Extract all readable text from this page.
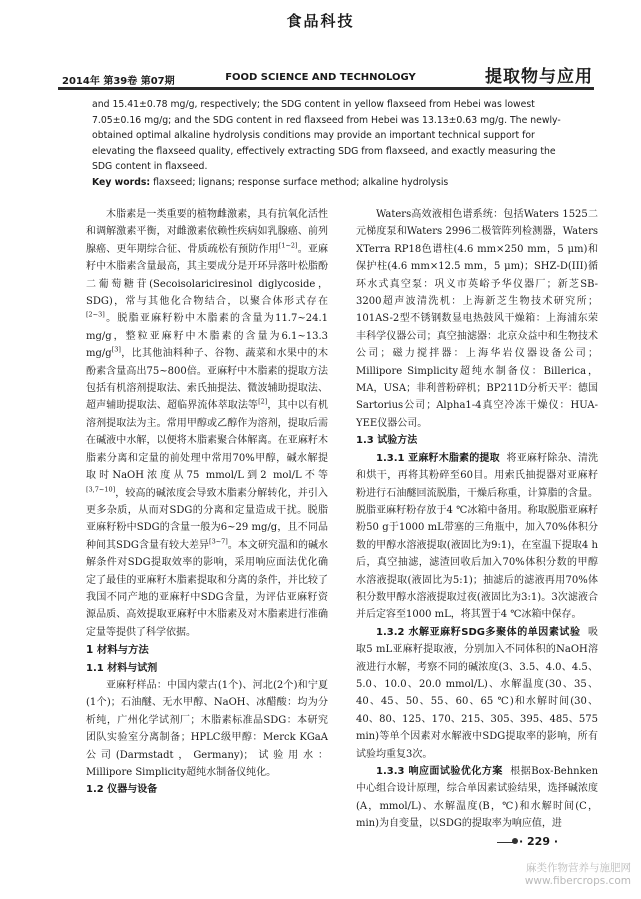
食品科技
2014年 第39卷 第07期	FOOD SCIENCE AND TECHNOLOGY	提取物与应用
and 15.41±0.78 mg/g, respectively; the SDG content in yellow flaxseed from Hebei was lowest 7.05±0.16 mg/g; and the SDG content in red flaxseed from Hebei was 13.13±0.63 mg/g. The newly-obtained optimal alkaline hydrolysis conditions may provide an important technical support for elevating the flaxseed quality, effectively extracting SDG from flaxseed, and exactly measuring the SDG content in flaxseed.
Key words: flaxseed; lignans; response surface method; alkaline hydrolysis

木脂素是一类重要的植物雌激素，具有抗氧化活性和调解激素平衡，对雌激素依赖性疾病如乳腺癌、前列腺癌、更年期综合征、骨质疏松有预防作用[1~2]。亚麻籽中木脂素含量最高，其主要成分是开环异落叶松脂酚二葡萄糖苷(Secoisolariciresinol diglycoside，SDG)，常与其他化合物结合，以聚合体形式存在[2~3]。脱脂亚麻籽粉中木脂素的含量为11.7~24.1 mg/g，整粒亚麻籽中木脂素的含量为6.1~13.3 mg/g[3]，比其他油料种子、谷物、蔬菜和水果中的木酚素含量高出75~800倍。亚麻籽中木脂素的提取方法包括有机溶剂提取法、索氏抽提法、微波辅助提取法、超声辅助提取法、超临界流体萃取法等[2]，其中以有机溶剂提取法为主。常用甲醇或乙醇作为溶剂，提取后需在碱液中水解，以便将木脂素聚合体解离。在亚麻籽木脂素分离和定量的前处理中常用70%甲醇，碱水解提取时NaOH浓度从75 mmol/L到2 mol/L不等[3,7~10]，较高的碱浓度会导致木脂素分解转化，并引入更多杂质，从而对SDG的分离和定量造成干扰。脱脂亚麻籽粉中SDG的含量一般为6~29 mg/g，且不同品种间其SDG含量有较大差异[3~7]。本文研究温和的碱水解条件对SDG提取效率的影响，采用响应面法优化确定了最佳的亚麻籽木脂素提取和分离的条件，并比较了我国不同产地的亚麻籽中SDG含量，为评估亚麻籽资源品质、高效提取亚麻籽中木脂素及对木脂素进行准确定量等提供了科学依据。

1 材料与方法

1.1 材料与试剂

亚麻籽样品：中国内蒙古(1个)、河北(2个)和宁夏(1个)；石油醚、无水甲醇、NaOH、冰醋酸：均为分析纯，广州化学试剂厂；木脂素标准品SDG：本研究团队实验室分离制备；HPLC级甲醇：Merck KGaA公司(Darmstadt，Germany)；试验用水：Millipore Simplicity超纯水制备仪纯化。

1.2 仪器与设备

Waters高效液相色谱系统：包括Waters 1525二元梯度泵和Waters 2996二极管阵列检测器，Waters XTerra RP18色谱柱(4.6 mm×250 mm，5 μm)和保护柱(4.6 mm×12.5 mm，5 μm)；SHZ-D(III)循环水式真空泵：巩义市英峪予华仪器厂；新芝SB-3200超声波清洗机：上海新芝生物技术研究所；101AS-2型不锈钢数显电热鼓风干燥箱：上海浦东荣丰科学仪器公司；真空抽滤器：北京众益中和生物技术公司；磁力搅拌器：上海华岩仪器设备公司；Millipore Simplicity超纯水制备仪：Billerica，MA，USA；非利普粉碎机；BP211D分析天平：德国Sartorius公司；Alpha1-4真空冷冻干燥仪：HUA-YEE仪器公司。

1.3 试验方法

1.3.1 亚麻籽木脂素的提取 将亚麻籽除杂、清洗和烘干，再将其粉碎至60目。用索氏抽提器对亚麻籽粉进行石油醚回流脱脂，干燥后称重，计算脂的含量。脱脂亚麻籽粉存放于4 ℃冰箱中备用。称取脱脂亚麻籽粉50 g于1000 mL带塞的三角瓶中，加入70%体积分数的甲醇水溶液提取(液固比为9:1)，在室温下提取4 h后，真空抽滤，滤渣回收后加入70%体积分数的甲醇水溶液提取(液固比为5:1)；抽滤后的滤液再用70%体积分数甲醇水溶液提取过夜(液固比为3:1)。3次滤液合并后定容至1000 mL，将其置于4 ℃冰箱中保存。

1.3.2 水解亚麻籽SDG多聚体的单因素试验 吸取5 mL亚麻籽提取液，分别加入不同体积的NaOH溶液进行水解，考察不同的碱浓度(3、3.5、4.0、4.5、5.0、10.0、20.0 mmol/L)、水解温度(30、35、40、45、50、55、60、65 ℃)和水解时间(30、40、80、125、170、215、305、395、485、575 min)等单个因素对水解液中SDG提取率的影响，所有试验均重复3次。

1.3.3 响应面试验优化方案 根据Box-Behnken中心组合设计原理，综合单因素试验结果，选择碱浓度(A，mmol/L)、水解温度(B，℃)和水解时间(C，min)为自变量，以SDG的提取率为响应值，进

· 229 ·
麻类作物营养与施肥网
www.fibercrops.com
